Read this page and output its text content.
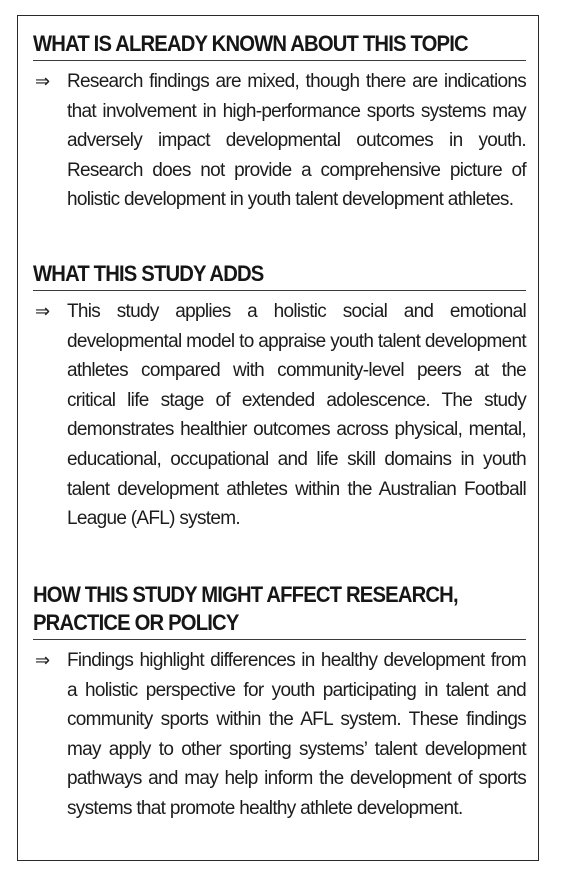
WHAT IS ALREADY KNOWN ABOUT THIS TOPIC
⇒ Research findings are mixed, though there are indications that involvement in high-performance sports systems may adversely impact developmental outcomes in youth. Research does not provide a comprehensive picture of holistic development in youth talent development athletes.
WHAT THIS STUDY ADDS
⇒ This study applies a holistic social and emotional developmental model to appraise youth talent development athletes compared with community-level peers at the critical life stage of extended adolescence. The study demonstrates healthier outcomes across physical, mental, educational, occupational and life skill domains in youth talent development athletes within the Australian Football League (AFL) system.
HOW THIS STUDY MIGHT AFFECT RESEARCH,
PRACTICE OR POLICY
⇒ Findings highlight differences in healthy development from a holistic perspective for youth participating in talent and community sports within the AFL system. These findings may apply to other sporting systems’ talent development pathways and may help inform the development of sports systems that promote healthy athlete development.
